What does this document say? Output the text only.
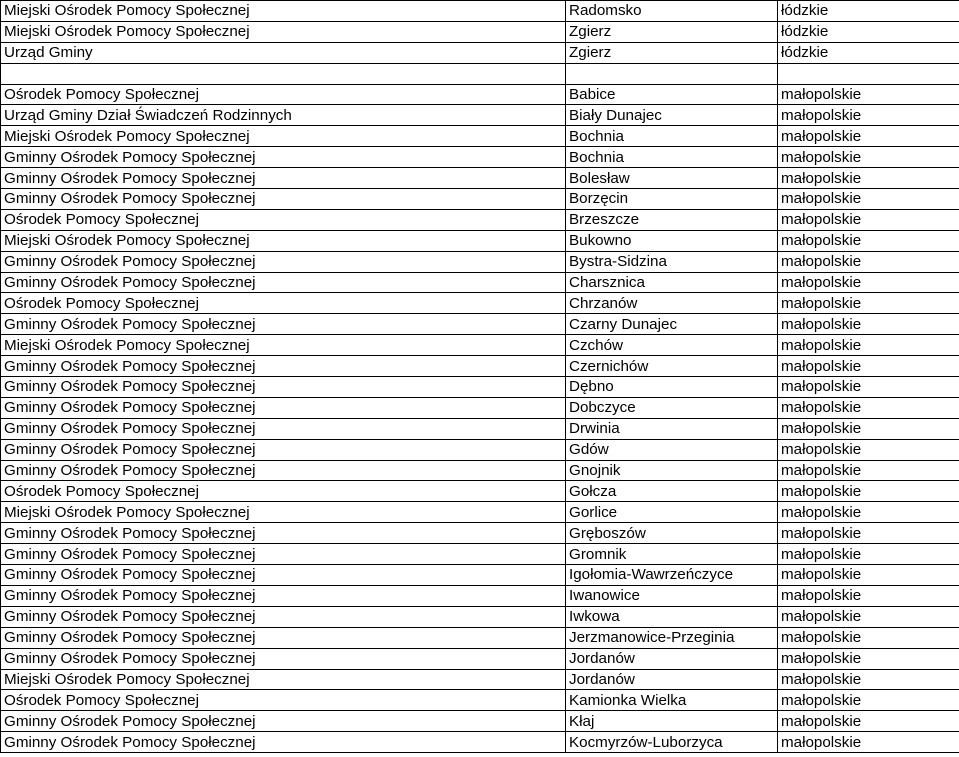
Miejski Ośrodek Pomocy Społecznej	Radomsko	łódzkie
Miejski Ośrodek Pomocy Społecznej	Zgierz	łódzkie
Urząd Gminy	Zgierz	łódzkie

Ośrodek Pomocy Społecznej	Babice	małopolskie
Urząd Gminy Dział Świadczeń Rodzinnych	Biały Dunajec	małopolskie
Miejski Ośrodek Pomocy Społecznej	Bochnia	małopolskie
Gminny Ośrodek Pomocy Społecznej	Bochnia	małopolskie
Gminny Ośrodek Pomocy Społecznej	Bolesław	małopolskie
Gminny Ośrodek Pomocy Społecznej	Borzęcin	małopolskie
Ośrodek Pomocy Społecznej	Brzeszcze	małopolskie
Miejski Ośrodek Pomocy Społecznej	Bukowno	małopolskie
Gminny Ośrodek Pomocy Społecznej	Bystra-Sidzina	małopolskie
Gminny Ośrodek Pomocy Społecznej	Charsznica	małopolskie
Ośrodek Pomocy Społecznej	Chrzanów	małopolskie
Gminny Ośrodek Pomocy Społecznej	Czarny Dunajec	małopolskie
Miejski Ośrodek Pomocy Społecznej	Czchów	małopolskie
Gminny Ośrodek Pomocy Społecznej	Czernichów	małopolskie
Gminny Ośrodek Pomocy Społecznej	Dębno	małopolskie
Gminny Ośrodek Pomocy Społecznej	Dobczyce	małopolskie
Gminny Ośrodek Pomocy Społecznej	Drwinia	małopolskie
Gminny Ośrodek Pomocy Społecznej	Gdów	małopolskie
Gminny Ośrodek Pomocy Społecznej	Gnojnik	małopolskie
Ośrodek Pomocy Społecznej	Gołcza	małopolskie
Miejski Ośrodek Pomocy Społecznej	Gorlice	małopolskie
Gminny Ośrodek Pomocy Społecznej	Gręboszów	małopolskie
Gminny Ośrodek Pomocy Społecznej	Gromnik	małopolskie
Gminny Ośrodek Pomocy Społecznej	Igołomia-Wawrzeńczyce	małopolskie
Gminny Ośrodek Pomocy Społecznej	Iwanowice	małopolskie
Gminny Ośrodek Pomocy Społecznej	Iwkowa	małopolskie
Gminny Ośrodek Pomocy Społecznej	Jerzmanowice-Przeginia	małopolskie
Gminny Ośrodek Pomocy Społecznej	Jordanów	małopolskie
Miejski Ośrodek Pomocy Społecznej	Jordanów	małopolskie
Ośrodek Pomocy Społecznej	Kamionka Wielka	małopolskie
Gminny Ośrodek Pomocy Społecznej	Kłaj	małopolskie
Gminny Ośrodek Pomocy Społecznej	Kocmyrzów-Luborzyca	małopolskie
